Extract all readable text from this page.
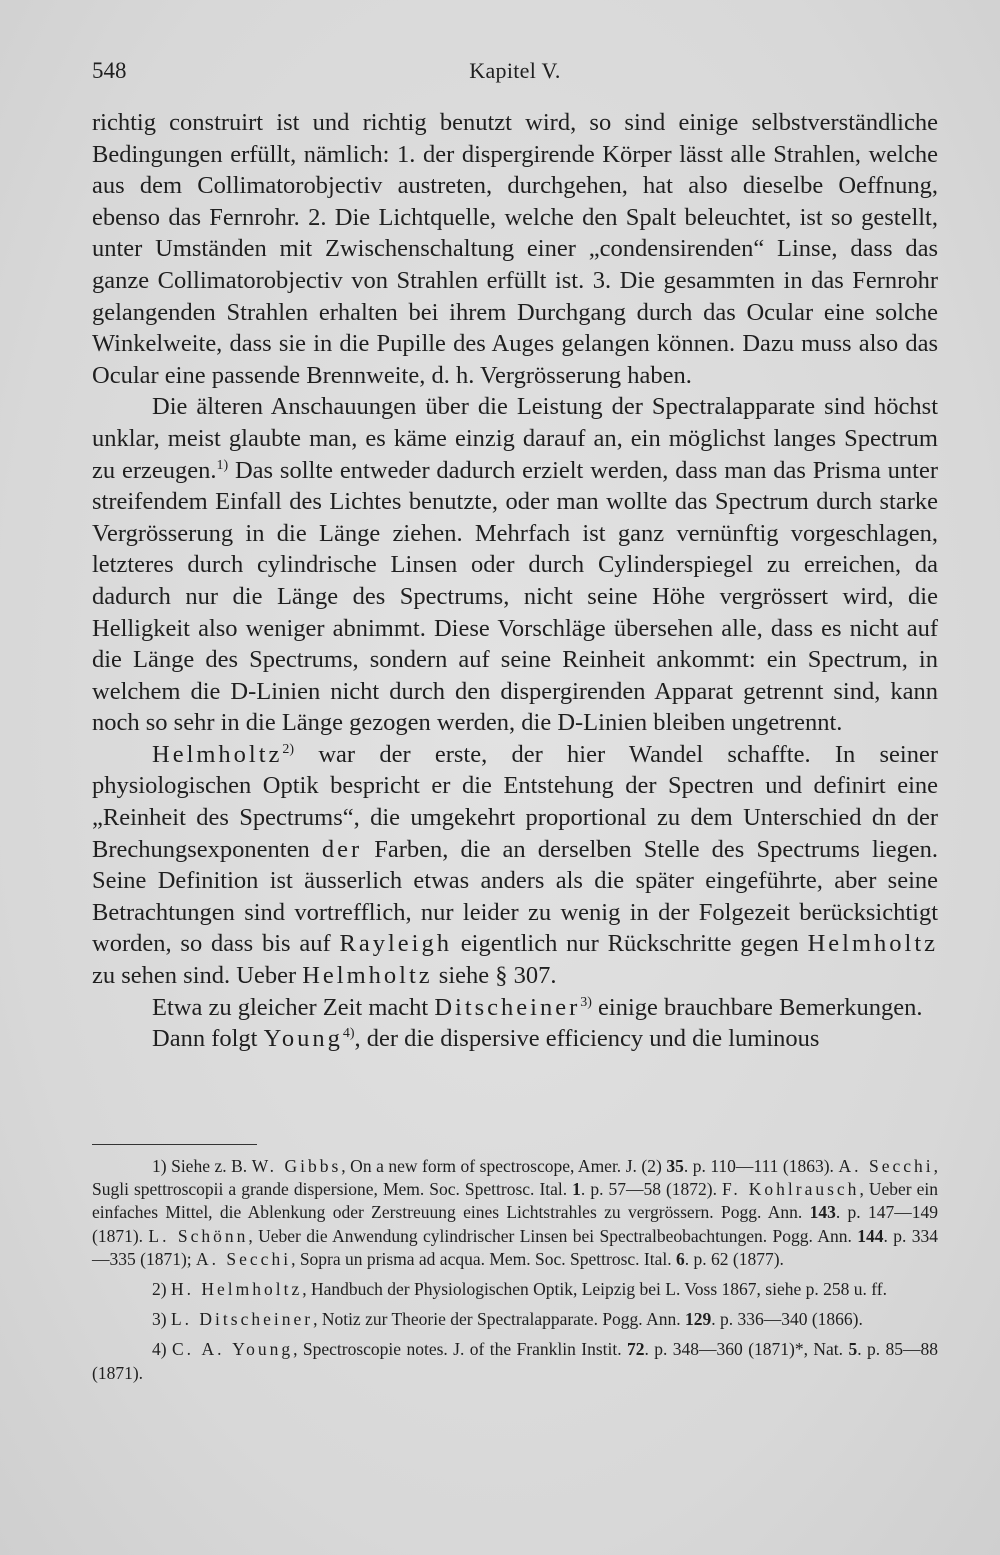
548	Kapitel V.

richtig construirt ist und richtig benutzt wird, so sind einige selbstverständliche Bedingungen erfüllt, nämlich: 1. der dispergirende Körper lässt alle Strahlen, welche aus dem Collimatorobjectiv austreten, durchgehen, hat also dieselbe Oeffnung, ebenso das Fernrohr. 2. Die Lichtquelle, welche den Spalt beleuchtet, ist so gestellt, unter Umständen mit Zwischenschaltung einer „condensirenden“ Linse, dass das ganze Collimatorobjectiv von Strahlen erfüllt ist. 3. Die gesammten in das Fernrohr gelangenden Strahlen erhalten bei ihrem Durchgang durch das Ocular eine solche Winkelweite, dass sie in die Pupille des Auges gelangen können. Dazu muss also das Ocular eine passende Brennweite, d. h. Vergrösserung haben.

Die älteren Anschauungen über die Leistung der Spectralapparate sind höchst unklar, meist glaubte man, es käme einzig darauf an, ein möglichst langes Spectrum zu erzeugen.$^{1)}$ Das sollte entweder dadurch erzielt werden, dass man das Prisma unter streifendem Einfall des Lichtes benutzte, oder man wollte das Spectrum durch starke Vergrösserung in die Länge ziehen. Mehrfach ist ganz vernünftig vorgeschlagen, letzteres durch cylindrische Linsen oder durch Cylinderspiegel zu erreichen, da dadurch nur die Länge des Spectrums, nicht seine Höhe vergrössert wird, die Helligkeit also weniger abnimmt. Diese Vorschläge übersehen alle, dass es nicht auf die Länge des Spectrums, sondern auf seine Reinheit ankommt: ein Spectrum, in welchem die D-Linien nicht durch den dispergirenden Apparat getrennt sind, kann noch so sehr in die Länge gezogen werden, die D-Linien bleiben ungetrennt.

Helmholtz$^{2)}$ war der erste, der hier Wandel schaffte. In seiner physiologischen Optik bespricht er die Entstehung der Spectren und definirt eine „Reinheit des Spectrums“, die umgekehrt proportional zu dem Unterschied dn der Brechungsexponenten der Farben, die an derselben Stelle des Spectrums liegen. Seine Definition ist äusserlich etwas anders als die später eingeführte, aber seine Betrachtungen sind vortrefflich, nur leider zu wenig in der Folgezeit berücksichtigt worden, so dass bis auf Rayleigh eigentlich nur Rückschritte gegen Helmholtz zu sehen sind. Ueber Helmholtz siehe § 307.

Etwa zu gleicher Zeit macht Ditscheiner$^{3)}$ einige brauchbare Bemerkungen.

Dann folgt Young$^{4)}$, der die dispersive efficiency und die luminous

1) Siehe z. B. W. Gibbs, On a new form of spectroscope, Amer. J. (2) 35. p. 110—111 (1863). A. Secchi, Sugli spettroscopii a grande dispersione, Mem. Soc. Spettrosc. Ital. 1. p. 57—58 (1872). F. Kohlrausch, Ueber ein einfaches Mittel, die Ablenkung oder Zerstreuung eines Lichtstrahles zu vergrössern. Pogg. Ann. 143. p. 147—149 (1871). L. Schönn, Ueber die Anwendung cylindrischer Linsen bei Spectralbeobachtungen. Pogg. Ann. 144. p. 334—335 (1871); A. Secchi, Sopra un prisma ad acqua. Mem. Soc. Spettrosc. Ital. 6. p. 62 (1877).

2) H. Helmholtz, Handbuch der Physiologischen Optik, Leipzig bei L. Voss 1867, siehe p. 258 u. ff.

3) L. Ditscheiner, Notiz zur Theorie der Spectralapparate. Pogg. Ann. 129. p. 336—340 (1866).

4) C. A. Young, Spectroscopie notes. J. of the Franklin Instit. 72. p. 348—360 (1871)*, Nat. 5. p. 85—88 (1871).
